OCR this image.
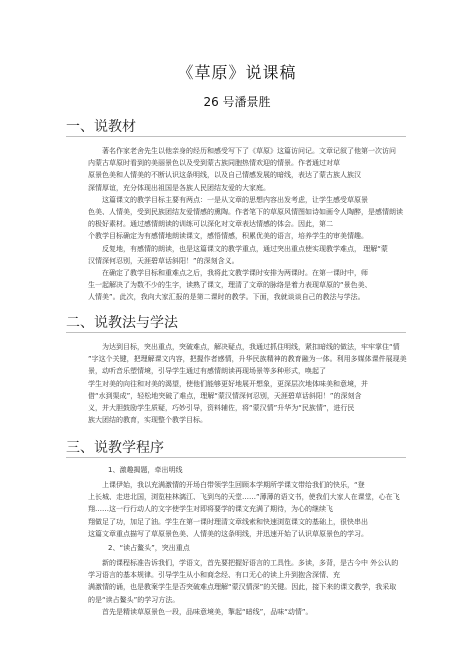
《草原》说课稿
26 号潘景胜
一、说教材

著名作家老舍先生以他亲身的经历和感受写下了《草原》这篇访问记。文章记叙了他第一次访问

内蒙古草原时看到的美丽景色以及受到蒙古族同胞热情欢迎的情景。作者通过对草

原景色美和人情美的不断认识这条明线，以及自己情感发展的暗线，表达了蒙古族人族汉

深情厚谊，充分体现出祖国是各族人民团结友爱的大家庭。

这篇课文的教学目标主要有两点：一是从文章的思想内容出发考虑，让学生感受草原景

色美、人情美，受到民族团结友爱情感的熏陶。作者笔下的草原风情图如诗如画令人陶醉，是感情朗读

的极好素材。通过感情朗读的训练可以深化对文章表达情感的体会。因此，第二

个教学目标确定为有感情地朗读课文，感悟情感，积累优美的语言，培养学生的审美情趣。

反复地，有感情的朗读，也是这篇课文的教学重点，通过突出重点使实现教学难点， 理解“蒙

汉情深何忍别，天涯碧草话斜阳！”的深刻含义。

在确定了教学目标和重难点之后，我将此文教学课时安排为两课时。在第一课时中，师

生一起解决了为数不少的生字，读熟了课文，理清了文章的脉络是着力表现草原的“景色美、

人情美”。此次，我向大家汇报的是第二课时的教学。下面，我就谈谈自己的教法与学法。

二、说教法与学法

为达到目标，突出重点，突破难点，解决疑点，我通过抓住明线，紧扣暗线的做法，牢牢掌住“情

”字这个关键，把理解课文内容，把握作者感情，升华民族精神的教育融为一体。利用多媒体课件展现美

景，动听音乐塑情境，引导学生通过有感情朗读再现场景等多种形式，唤起了

学生对美的向往和对美的渴望，使他们能够更好地展开想象，更深层次地体味美和意境，并

借“水到渠成”，轻松地突破了难点，理解“蒙汉情深何忍别，天涯碧草话斜阳！”的深刻含

义，并大胆鼓励学生质疑，巧妙引导，资料辅佐，将“蒙汉情”升华为“民族情”，进行民

族大团结的教育，实现整个教学目标。

三、说教学程序
1、激趣揭题，牵出明线

上课伊始，我以充满激情的开场白带领学生回顾本学期所学课文带给我们的快乐，“登

上长城、走进北国，浏览桂林漓江、飞到鸟的天堂……”薄薄的语文书，使我们大家人在课堂，心在飞

翔……这一行行动人的文字使学生对即将要学的课文充满了期待，为心的继续飞

翔做足了功，加足了油。学生在第一课时理清文章线索和快速浏览课文的基础上，很快串出

这篇文章重点描写了草原景色美、人情美的这条明线，并迅速开始了认识草原景色的学习。

2、“读占鳌头”，突出重点

新的课程标准告诉我们，学语文，首先要把握好语言的工具性。多读，多背，是古今中 外公认的

学习语言的基本规律。引导学生从小和商念经、有口无心的读上升到抱含深情、充

满激情的诵，也是教案学生是否突破难点理解“蒙汉情深”的关键。因此，接下来的课文教学，我采取

的是“读占鳌头”的学习方法。

首先是精读草原景色一段，品味意境美，掣起“暗线”，品味“动情”。
